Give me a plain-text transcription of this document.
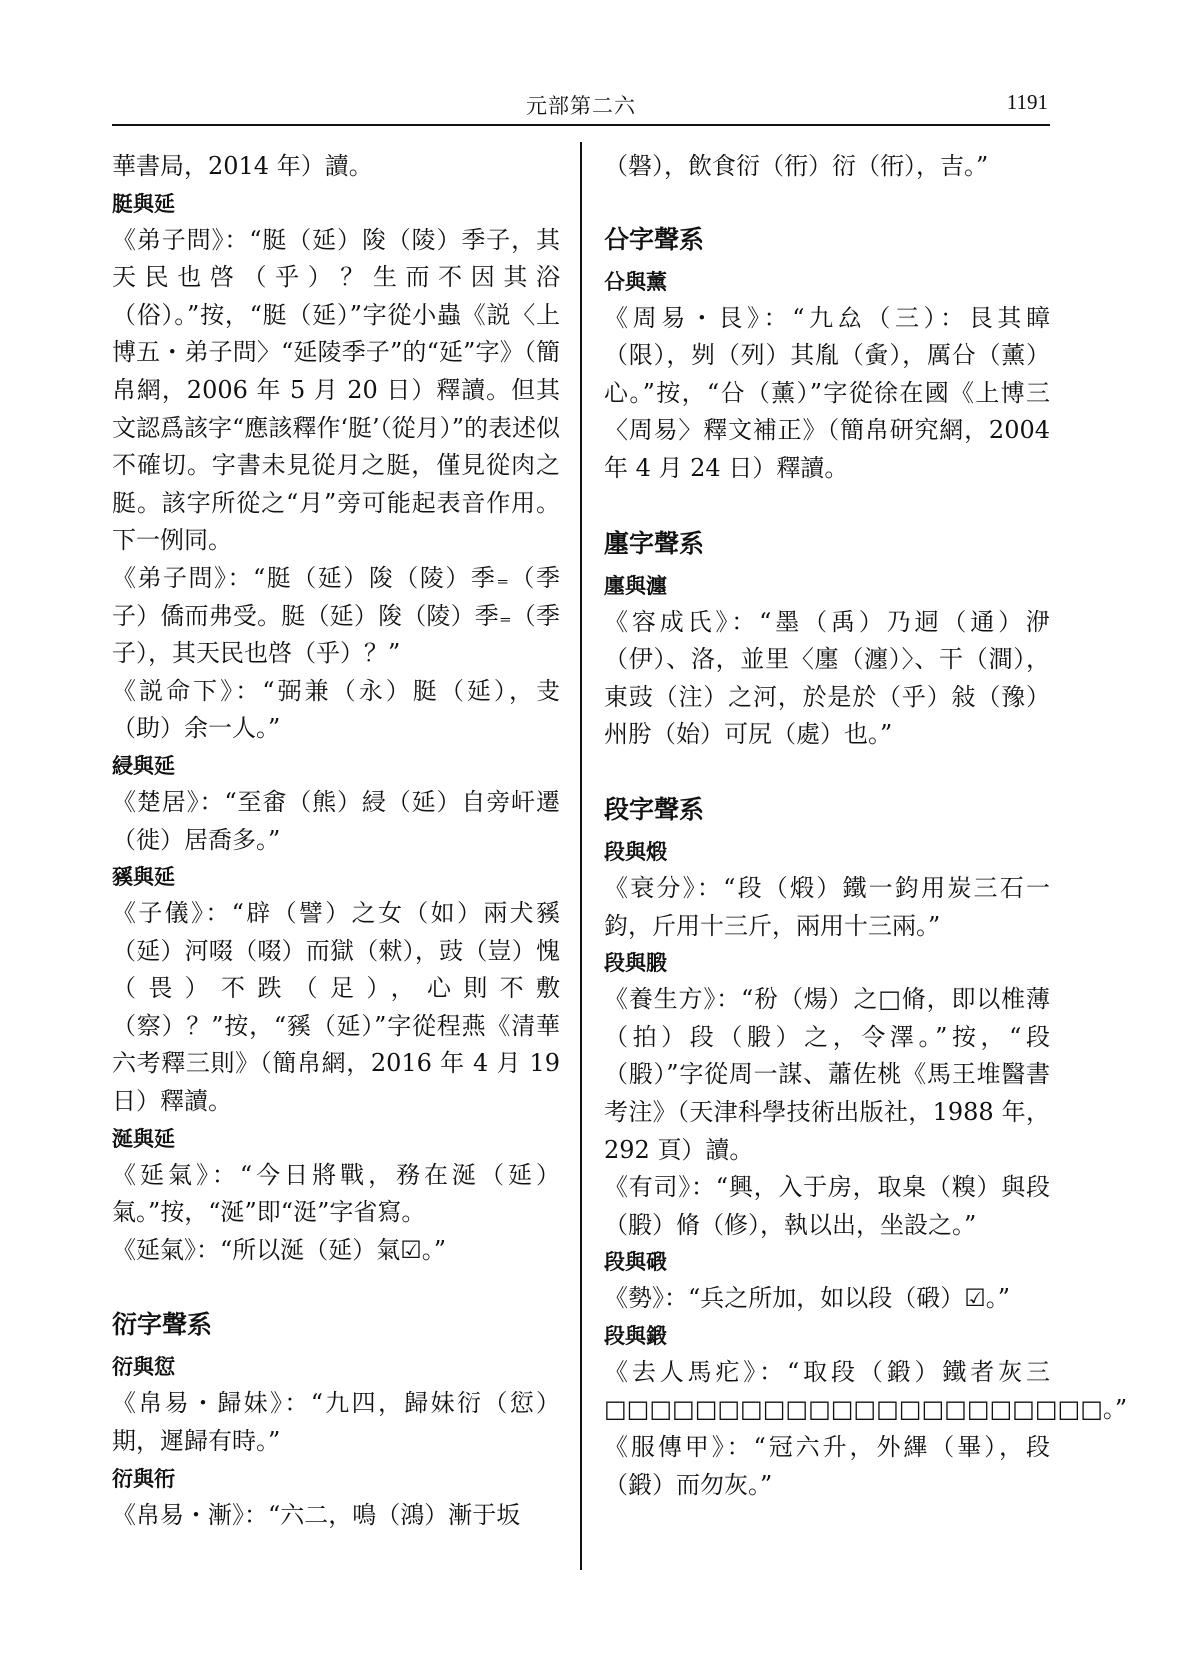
元部第二六	1191

華書局，2014 年）讀。

脡與延

《弟子問》：“脡（延）陖（陵）季子，其天民也啓（乎）？生而不因其浴（俗）。”按，“脡（延）”字從小蟲《説〈上博五・弟子問〉“延陵季子”的“延”字》（簡帛網，2006 年 5 月 20 日）釋讀。但其文認爲該字“應該釋作‘脡’（從月）”的表述似不確切。字書未見從月之脡，僅見從肉之脡。該字所從之“月”旁可能起表音作用。下一例同。

《弟子問》：“脡（延）陖（陵）季₌（季子）僑而弗受。脡（延）陖（陵）季₌（季子），其天民也啓（乎）？”

《説命下》：“弼兼（永）脡（延），叏（助）余一人。”

綅與延

《楚居》：“至畬（熊）綅（延）自旁屽遷（徙）居喬多。”

豯與延

《子儀》：“辟（譬）之女（如）兩犬豯（延）河啜（啜）而獄（猌），豉（豈）愧（畏）不跌（足），心則不敷（察）？”按，“豯（延）”字從程燕《清華六考釋三則》（簡帛網，2016 年 4 月 19 日）釋讀。

涎與延

《延氣》：“今日將戰，務在涎（延）氣。”按，“涎”即“涏”字省寫。

《延氣》：“所以涎（延）氣☑。”

衍字聲系

衍與愆

《帛易・歸妹》：“九四，歸妹衍（愆）期，遲歸有時。”

衍與衎

《帛易・漸》：“六二，鳴（鴻）漸于坂

（磐），飲食衍（衎）衍（衎），吉。”

㕣字聲系

㕣與薰

《周易・艮》：“九厽（三）：艮其瞕（限），刿（列）其胤（夤），厲㕣（薰）心。”按，“㕣（薰）”字從徐在國《上博三〈周易〉釋文補正》（簡帛研究網，2004 年 4 月 24 日）釋讀。

廛字聲系

廛與瀍

《容成氏》：“墨（禹）乃迵（通）洢（伊）、洛，並里〈廛（瀍）〉、干（澗），東豉（注）之河，於是於（乎）敍（豫）州肹（始）可尻（處）也。”

段字聲系

段與煅

《衰分》：“段（煅）鐵一鈞用炭三石一鈞，斤用十三斤，兩用十三兩。”

段與腶

《養生方》：“秎（煬）之□脩，即以椎薄（拍）段（腶）之，令澤。”按，“段（腶）”字從周一謀、蕭佐桃《馬王堆醫書考注》（天津科學技術出版社，1988 年，292 頁）讀。

《有司》：“興，入于房，取臬（糗）與段（腶）脩（修），執以出，坐設之。”

段與碫

《勢》：“兵之所加，如以段（碫）☑。”

段與鍛

《去人馬疕》：“取段（鍛）鐵者灰三□□□□□□□□□□□□□□□□□□□□□□。”

《服傳甲》：“冠六升，外縪（畢），段（鍛）而勿灰。”
